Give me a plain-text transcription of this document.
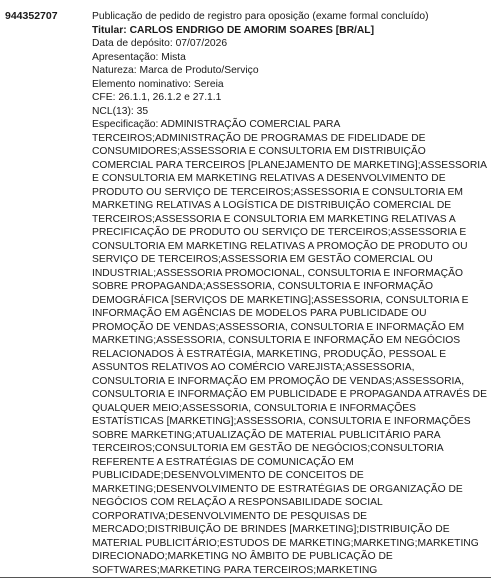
944352707	Publicação de pedido de registro para oposição (exame formal concluído)
Titular: CARLOS ENDRIGO DE AMORIM SOARES [BR/AL]
Data de depósito: 07/07/2026
Apresentação: Mista
Natureza: Marca de Produto/Serviço
Elemento nominativo: Sereia
CFE: 26.1.1, 26.1.2 e 27.1.1
NCL(13): 35
Especificação: ADMINISTRAÇÃO COMERCIAL PARA TERCEIROS;ADMINISTRAÇÃO DE PROGRAMAS DE FIDELIDADE DE CONSUMIDORES;ASSESSORIA E CONSULTORIA EM DISTRIBUIÇÃO COMERCIAL PARA TERCEIROS [PLANEJAMENTO DE MARKETING];ASSESSORIA E CONSULTORIA EM MARKETING RELATIVAS A DESENVOLVIMENTO DE PRODUTO OU SERVIÇO DE TERCEIROS;ASSESSORIA E CONSULTORIA EM MARKETING RELATIVAS A LOGÍSTICA DE DISTRIBUIÇÃO COMERCIAL DE TERCEIROS;ASSESSORIA E CONSULTORIA EM MARKETING RELATIVAS A PRECIFICAÇÃO DE PRODUTO OU SERVIÇO DE TERCEIROS;ASSESSORIA E CONSULTORIA EM MARKETING RELATIVAS A PROMOÇÃO DE PRODUTO OU SERVIÇO DE TERCEIROS;ASSESSORIA EM GESTÃO COMERCIAL OU INDUSTRIAL;ASSESSORIA PROMOCIONAL, CONSULTORIA E INFORMAÇÃO SOBRE PROPAGANDA;ASSESSORIA, CONSULTORIA E INFORMAÇÃO DEMOGRÁFICA [SERVIÇOS DE MARKETING];ASSESSORIA, CONSULTORIA E INFORMAÇÃO EM AGÊNCIAS DE MODELOS PARA PUBLICIDADE OU PROMOÇÃO DE VENDAS;ASSESSORIA, CONSULTORIA E INFORMAÇÃO EM MARKETING;ASSESSORIA, CONSULTORIA E INFORMAÇÃO EM NEGÓCIOS RELACIONADOS À ESTRATÉGIA, MARKETING, PRODUÇÃO, PESSOAL E ASSUNTOS RELATIVOS AO COMÉRCIO VAREJISTA;ASSESSORIA, CONSULTORIA E INFORMAÇÃO EM PROMOÇÃO DE VENDAS;ASSESSORIA, CONSULTORIA E INFORMAÇÃO EM PUBLICIDADE E PROPAGANDA ATRAVÉS DE QUALQUER MEIO;ASSESSORIA, CONSULTORIA E INFORMAÇÕES ESTATÍSTICAS [MARKETING];ASSESSORIA, CONSULTORIA E INFORMAÇÕES SOBRE MARKETING;ATUALIZAÇÃO DE MATERIAL PUBLICITÁRIO PARA TERCEIROS;CONSULTORIA EM GESTÃO DE NEGÓCIOS;CONSULTORIA REFERENTE A ESTRATÉGIAS DE COMUNICAÇÃO EM PUBLICIDADE;DESENVOLVIMENTO DE CONCEITOS DE MARKETING;DESENVOLVIMENTO DE ESTRATÉGIAS DE ORGANIZAÇÃO DE NEGÓCIOS COM RELAÇÃO A RESPONSABILIDADE SOCIAL CORPORATIVA;DESENVOLVIMENTO DE PESQUISAS DE MERCADO;DISTRIBUIÇÃO DE BRINDES [MARKETING];DISTRIBUIÇÃO DE MATERIAL PUBLICITÁRIO;ESTUDOS DE MARKETING;MARKETING;MARKETING DIRECIONADO;MARKETING NO ÂMBITO DE PUBLICAÇÃO DE SOFTWARES;MARKETING PARA TERCEIROS;MARKETING
